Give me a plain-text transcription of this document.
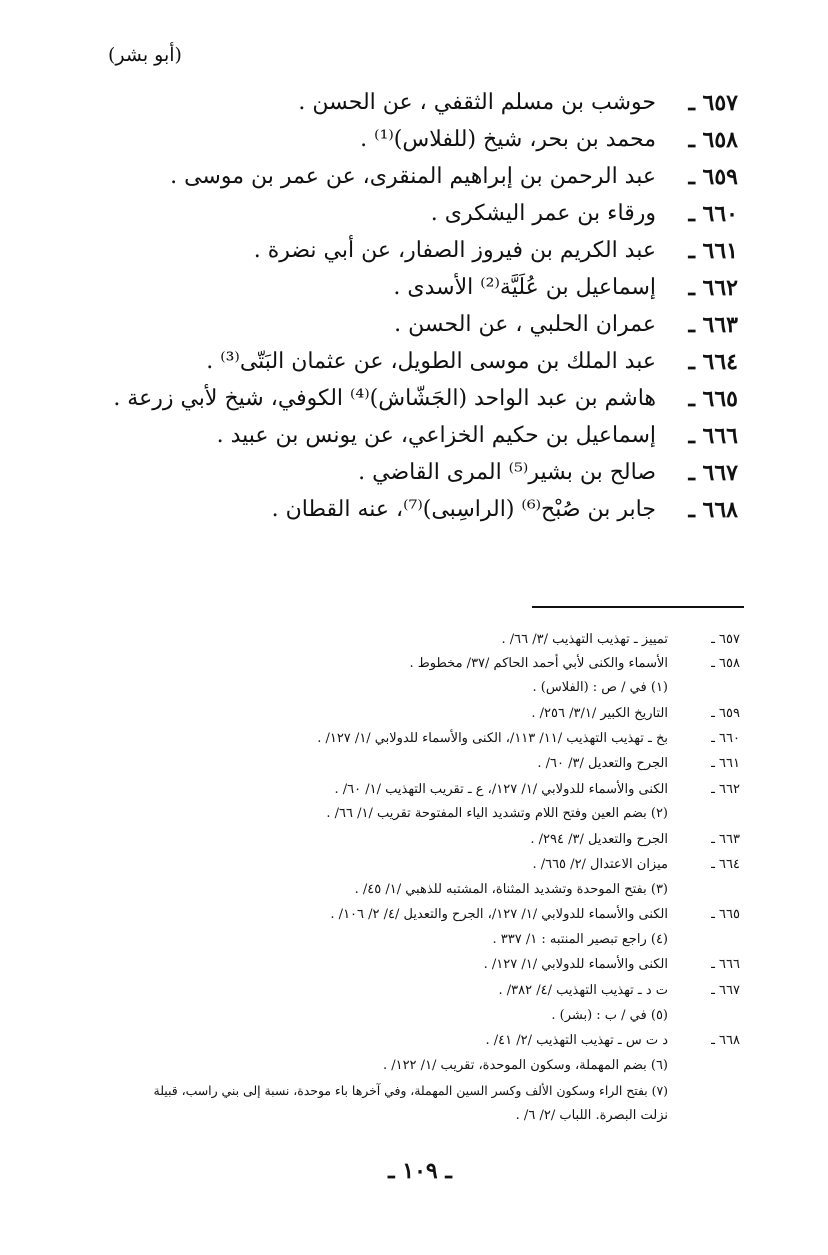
(أبو بشر)
٦٥٧ ـ
حوشب بن مسلم الثقفي ، عن الحسن .
٦٥٨ ـ
محمد بن بحر، شيخ (للفلاس)⁽¹⁾ .
٦٥٩ ـ
عبد الرحمن بن إبراهيم المنقرى، عن عمر بن موسى .
٦٦٠ ـ
ورقاء بن عمر اليشكرى .
٦٦١ ـ
عبد الكريم بن فيروز الصفار، عن أبي نضرة .
٦٦٢ ـ
إسماعيل بن عُلَيَّة⁽²⁾ الأسدى .
٦٦٣ ـ
عمران الحلبي ، عن الحسن .
٦٦٤ ـ
عبد الملك بن موسى الطويل، عن عثمان البَتّى⁽³⁾ .
٦٦٥ ـ
هاشم بن عبد الواحد (الجَشّاش)⁽⁴⁾ الكوفي، شيخ لأبي زرعة .
٦٦٦ ـ
إسماعيل بن حكيم الخزاعي، عن يونس بن عبيد .
٦٦٧ ـ
صالح بن بشير⁽⁵⁾ المرى القاضي .
٦٦٨ ـ
جابر بن صُبْح⁽⁶⁾ (الراسِبى)⁽⁷⁾، عنه القطان .
٦٥٧ ـ
تمييز ـ تهذيب التهذيب /٣/ ٦٦/ .
٦٥٨ ـ
الأسماء والكنى لأبي أحمد الحاكم /٣٧/ مخطوط .
(١) في / ص : (الفلاس) .
٦٥٩ ـ
التاريخ الكبير /٣/١/ ٢٥٦/ .
٦٦٠ ـ
بخ ـ تهذيب التهذيب /١١/ ١١٣/، الكنى والأسماء للدولابي /١/ ١٢٧/ .
٦٦١ ـ
الجرح والتعديل /٣/ ٦٠/ .
٦٦٢ ـ
الكنى والأسماء للدولابي /١/ ١٢٧/، ع ـ تقريب التهذيب /١/ ٦٠/ .
(٢) بضم العين وفتح اللام وتشديد الياء المفتوحة تقريب /١/ ٦٦/ .
٦٦٣ ـ
الجرح والتعديل /٣/ ٢٩٤/ .
٦٦٤ ـ
ميزان الاعتدال /٢/ ٦٦٥/ .
(٣) بفتح الموحدة وتشديد المثناة، المشتبه للذهبي /١/ ٤٥/ .
٦٦٥ ـ
الكنى والأسماء للدولابي /١/ ١٢٧/، الجرح والتعديل /٤/ ٢/ ١٠٦/ .
(٤) راجع تبصير المنتبه : ١/ ٣٣٧ .
٦٦٦ ـ
الكنى والأسماء للدولابي /١/ ١٢٧/ .
٦٦٧ ـ
ت د ـ تهذيب التهذيب /٤/ ٣٨٢/ .
(٥) في / ب : (بشر) .
٦٦٨ ـ
د ت س ـ تهذيب التهذيب /٢/ ٤١/ .
(٦) بضم المهملة، وسكون الموحدة، تقريب /١/ ١٢٢/ .
(٧) بفتح الراء وسكون الألف وكسر السين المهملة، وفي آخرها باء موحدة، نسبة إلى بني راسب، قبيلة
نزلت البصرة. اللباب /٢/ ٦/ .
ـ ١٠٩ ـ
